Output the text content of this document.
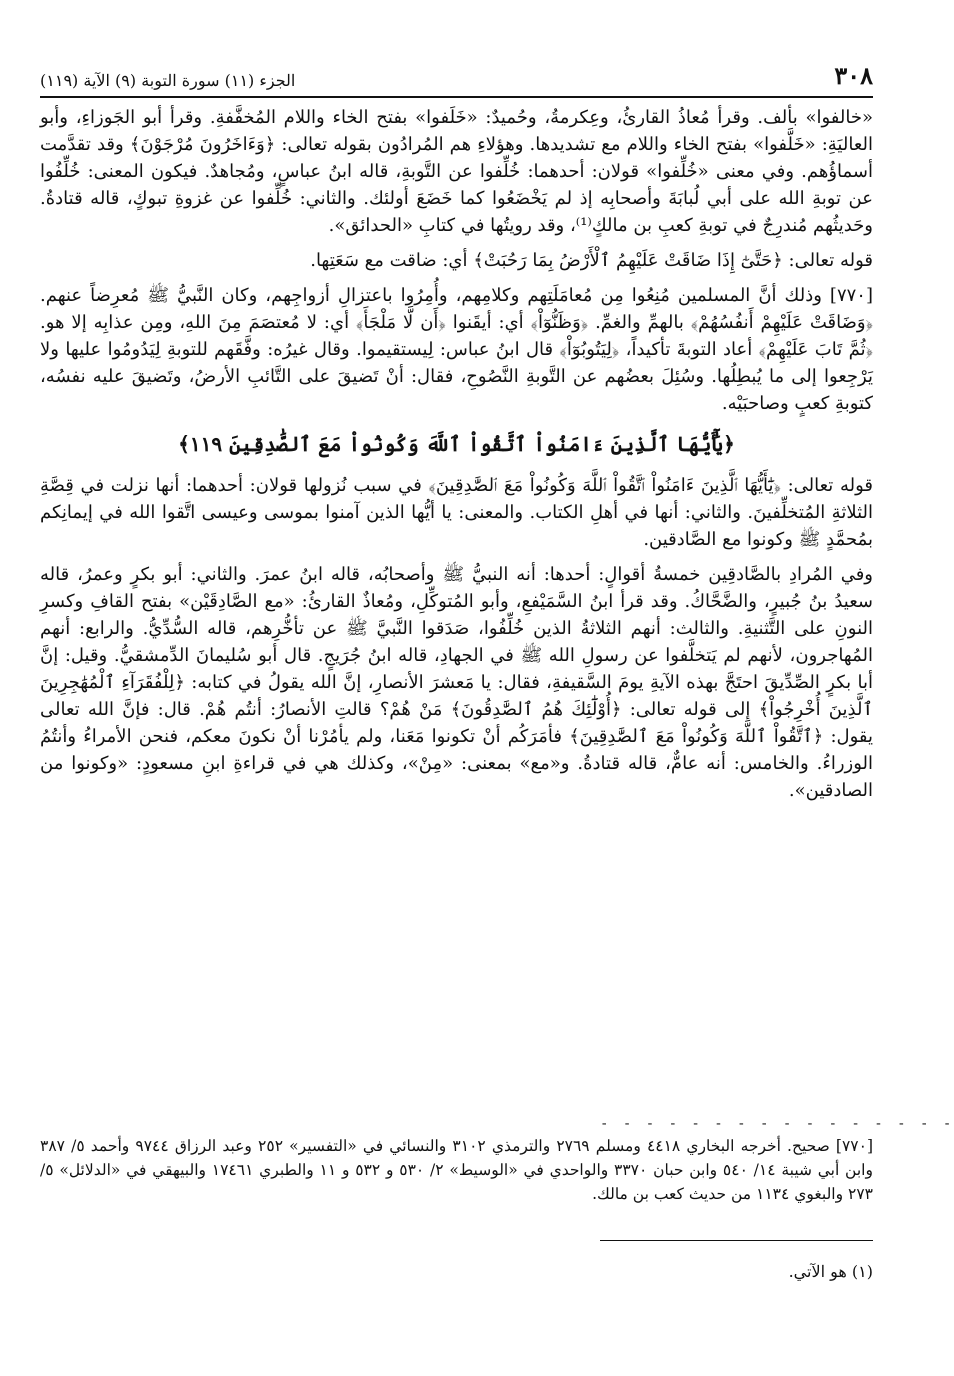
٣٠٨
الجزء (١١) سورة التوبة (٩) الآية (١١٩)

«خالفوا» بألف. وقرأ مُعاذُ القارئُ، وعِكرمةُ، وحُميدٌ: «خَلَفوا» بفتح الخاء واللام المُخفَّفةِ. وقرأ أبو الجَوزاءِ، وأبو العاليَةِ: «خَلَّفوا» بفتح الخاء واللام مع تشديدها. وهؤلاءِ هم المُرادُون بقوله تعالى: ﴿وَءَاخَرُونَ مُرْجَوْنَ﴾ وقد تقدَّمت أسماؤُهم. وفي معنى «خُلِّفوا» قولان: أحدهما: خُلِّفوا عن التَّوبةِ، قاله ابنُ عباسٍ، ومُجاهدٌ. فيكون المعنى: خُلِّفُوا عن توبةِ الله على أبي لُبابَةَ وأصحابِه إذ لم يَخْضَعُوا كما خَضَعَ أولئك. والثاني: خُلِّفوا عن غزوةِ تبوكٍ، قاله قتادةُ. وحَديثُهم مُندرِجٌ في توبةِ كعبِ بن مالكٍ⁽¹⁾، وقد رويتُها في كتابِ «الحدائق».

قوله تعالى: ﴿حَتَّىٰٓ إِذَا ضَاقَتْ عَلَيْهِمُ ٱلْأَرْضُ بِمَا رَحُبَتْ﴾ أي: ضاقت مع سَعَتِها.

[٧٧٠] وذلك أنَّ المسلمين مُنِعُوا مِن مُعامَلَتِهم وكلامِهم، وأُمِرُوا باعتزالِ أزواجِهم، وكان النَّبيُّ ﷺ مُعرِضاً عنهم. ﴿وَضَاقَتْ عَلَيْهِمْ أَنفُسُهُمْ﴾ بالهمِّ والغمِّ. ﴿وَظَنُّوٓاْ﴾ أي: أيقَنوا ﴿أَن لَّا مَلْجَأَ﴾ أي: لا مُعتصَمَ مِنَ اللهِ، ومِن عذابِه إلا هو. ﴿ثُمَّ تَابَ عَلَيْهِمْ﴾ أعاد التوبةَ تأكيداً، ﴿لِيَتُوبُوٓاْ﴾ قال ابنُ عباس: لِيستقيموا. وقال غيرُه: وفَّقَهم للتوبةِ لِيَدُومُوا عليها ولا يَرْجِعوا إلى ما يُبطِلُها. وسُئِلَ بعضُهم عن التَّوبةِ النَّصُوحِ، فقال: أنْ تَضيقَ على التَّائبِ الأرضُ، وتَضيقَ عليه نفسُه، كتوبةِ كعبٍ وصاحبَيْه.

﴿يَٰٓأَيُّهَا ٱلَّذِينَ ءَامَنُواْ ٱتَّقُواْ ٱللَّهَ وَكُونُواْ مَعَ ٱلصَّٰدِقِينَ ١١٩﴾

قوله تعالى: ﴿يَٰٓأَيُّهَا ٱلَّذِينَ ءَامَنُواْ ٱتَّقُواْ ٱللَّهَ وَكُونُواْ مَعَ ٱلصَّٰدِقِينَ﴾ في سبب نُزولها قولان: أحدهما: أنها نزلت في قِصَّةِ الثلاثةِ المُتخلِّفينَ. والثاني: أنها في أهلِ الكتاب. والمعنى: يا أيُّها الذين آمنوا بموسى وعيسى اتَّقوا الله في إيمانِكم بمُحمَّدٍ ﷺ وكونوا مع الصَّادقين.

وفي المُرادِ بالصَّادقِين خمسةُ أقوالٍ: أحدها: أنه النبيُّ ﷺ وأصحابُه، قاله ابنُ عمرَ. والثاني: أبو بكرٍ وعمرُ، قاله سعيدُ بنُ جُبيرٍ، والضَّحَّاكُ. وقد قرأ ابنُ السَّمَيْفعِ، وأبو المُتوكِّلِ، ومُعاذٌ القارئُ: «مع الصَّادِقَيْن» بفتح القافِ وكسرِ النونِ على التَّثنيةِ. والثالث: أنهم الثلاثةُ الذين خُلِّفُوا، صَدَقوا النَّبيَّ ﷺ عن تأخُّرِهم، قاله السُّدِّيُّ. والرابع: أنهم المُهاجرون، لأنهم لم يَتخلَّفوا عن رسولِ الله ﷺ في الجهادِ، قاله ابنُ جُرَيجٍ. قال أبو سُليمانَ الدِّمشقيُّ. وقيل: إنَّ أبا بكرٍ الصِّدِّيقَ احتَجَّ بهذه الآيةِ يومَ السَّقيفةِ، فقال: يا مَعشرَ الأنصارِ، إنَّ الله يقولُ في كتابه: ﴿لِلْفُقَرَآءِ ٱلْمُهَٰجِرِينَ ٱلَّذِينَ أُخْرِجُواْ﴾ إلى قوله تعالى: ﴿أُوْلَٰٓئِكَ هُمُ ٱلصَّٰدِقُونَ﴾ مَنْ هُمْ؟ قالتِ الأنصارُ: أنتُم هُمْ. قال: فإنَّ الله تعالى يقول: ﴿ٱتَّقُواْ ٱللَّهَ وَكُونُواْ مَعَ ٱلصَّٰدِقِينَ﴾ فأمَرَكُم أنْ تكونوا مَعَنا، ولم يأمُرْنا أنْ نكونَ معكم، فنحن الأمراءُ وأنتُمُ الوزراءُ. والخامس: أنه عامٌّ، قاله قتادةُ. و«مع» بمعنى: «مِنْ»، وكذلك هي في قراءةِ ابنِ مسعودٍ: «وكونوا من الصادقين».

- - - - - - - - - - - - - - - -
[٧٧٠] صحيح. أخرجه البخاري ٤٤١٨ ومسلم ٢٧٦٩ والترمذي ٣١٠٢ والنسائي في «التفسير» ٢٥٢ وعبد الرزاق ٩٧٤٤ وأحمد ٥/ ٣٨٧ وابن أبي شيبة ١٤/ ٥٤٠ وابن حبان ٣٣٧٠ والواحدي في «الوسيط» ٢/ ٥٣٠ و ٥٣٢ و ١١ والطبري ١٧٤٦١ والبيهقي في «الدلائل» ٥/ ٢٧٣ والبغوي ١١٣٤ من حديث كعب بن مالك.
(١) هو الآتي.
